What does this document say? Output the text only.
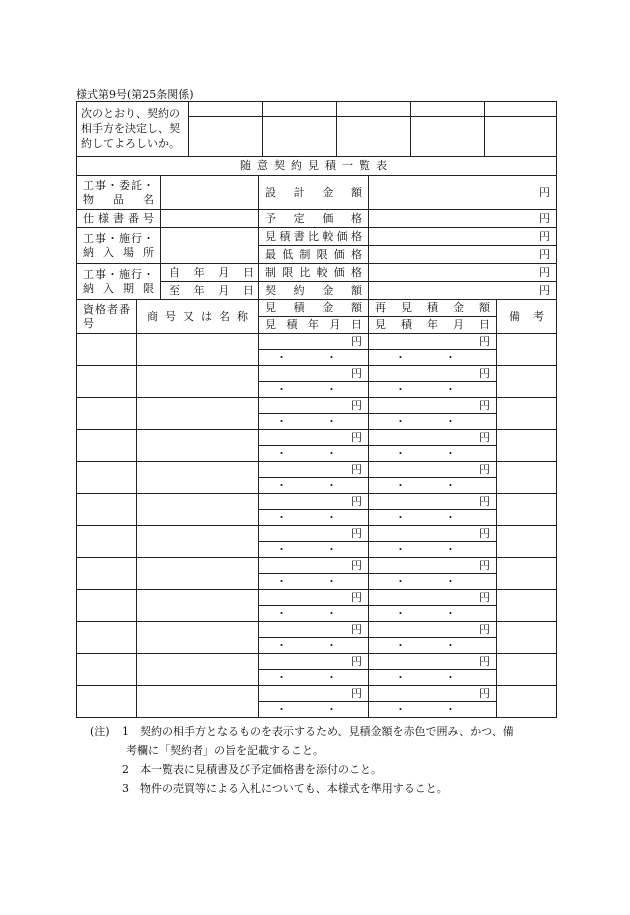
様式第9号(第25条関係)
次のとおり、契約の相手方を決定し、契約してよろしいか。					

随意契約見積一覧表					
工事・委託・物品名			設計金額	円	
仕様書番号			予定価格	円	
工事・施行・納入場所			見積書比較価格	円	
			最低制限価格	円	
工事・施行・納入期限		自 年 月 日	制限比較価格	円	

		至 年 月 日	契約金額	円	
資格者番号	商号又は名称		見積金額	再見積金額	備考
			見積年月日	見積年月日	
			円	円	
			・　・	・　・	
			円	円	
			・　・	・　・	
			円	円	
			・　・	・　・	
			円	円	
			・　・	・　・	
			円	円	
			・　・	・　・	
			円	円	
			・　・	・　・	
			円	円	
			・　・	・　・	
			円	円	
			・　・	・　・	
			円	円	
			・　・	・　・	
			円	円	
			・　・	・　・	
			円	円	
			・　・	・　・	
			円	円	
			・　・	・　・	
(注) 1 契約の相手方となるものを表示するため、見積金額を赤色で囲み、かつ、備
考欄に「契約者」の旨を記載すること。
2 本一覧表に見積書及び予定価格書を添付のこと。
3 物件の売買等による入札についても、本様式を準用すること。
